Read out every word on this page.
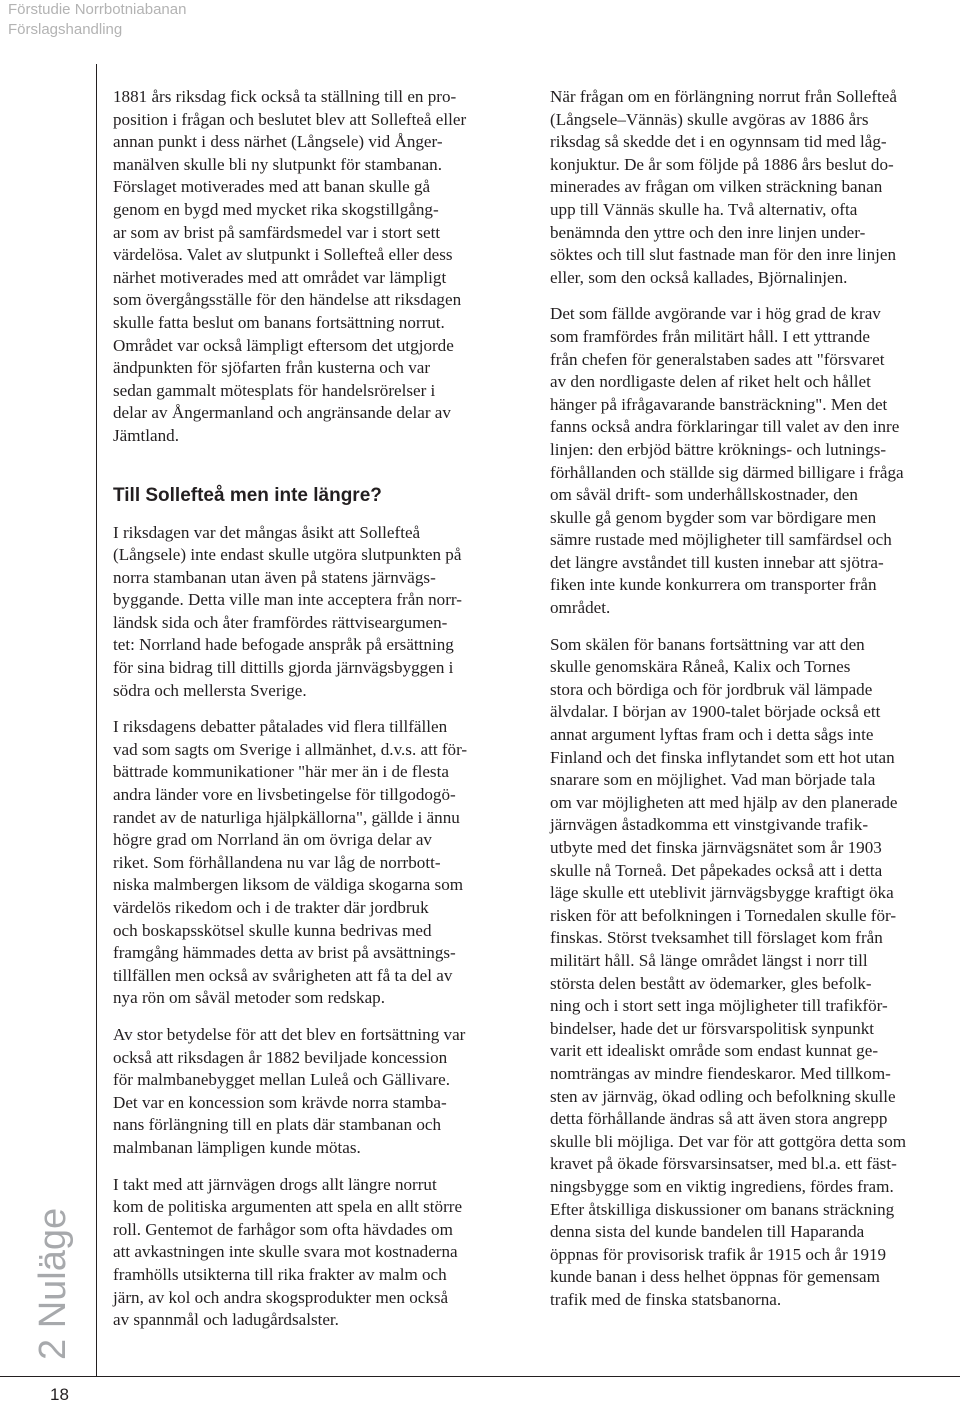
Förstudie Norrbotniabanan
Förslagshandling
2 Nuläge
18

1881 års riksdag fick också ta ställning till en pro-
position i frågan och beslutet blev att Sollefteå eller
annan punkt i dess närhet (Långsele) vid Ånger-
manälven skulle bli ny slutpunkt för stambanan.
Förslaget motiverades med att banan skulle gå
genom en bygd med mycket rika skogstillgång-
ar som av brist på samfärdsmedel var i stort sett
värdelösa. Valet av slutpunkt i Sollefteå eller dess
närhet motiverades med att området var lämpligt
som övergångsställe för den händelse att riksdagen
skulle fatta beslut om banans fortsättning norrut.
Området var också lämpligt eftersom det utgjorde
ändpunkten för sjöfarten från kusterna och var
sedan gammalt mötesplats för handelsrörelser i
delar av Ångermanland och angränsande delar av
Jämtland.

Till Sollefteå men inte längre?

I riksdagen var det mångas åsikt att Sollefteå
(Långsele) inte endast skulle utgöra slutpunkten på
norra stambanan utan även på statens järnvägs-
byggande. Detta ville man inte acceptera från norr-
ländsk sida och åter framfördes rättviseargumen-
tet: Norrland hade befogade anspråk på ersättning
för sina bidrag till dittills gjorda järnvägsbyggen i
södra och mellersta Sverige.

I riksdagens debatter påtalades vid flera tillfällen
vad som sagts om Sverige i allmänhet, d.v.s. att för-
bättrade kommunikationer "här mer än i de flesta
andra länder vore en livsbetingelse för tillgodogö-
randet av de naturliga hjälpkällorna", gällde i ännu
högre grad om Norrland än om övriga delar av
riket. Som förhållandena nu var låg de norrbott-
niska malmbergen liksom de väldiga skogarna som
värdelös rikedom och i de trakter där jordbruk
och boskapsskötsel skulle kunna bedrivas med
framgång hämmades detta av brist på avsättnings-
tillfällen men också av svårigheten att få ta del av
nya rön om såväl metoder som redskap.

Av stor betydelse för att det blev en fortsättning var
också att riksdagen år 1882 beviljade koncession
för malmbanebygget mellan Luleå och Gällivare.
Det var en koncession som krävde norra stamba-
nans förlängning till en plats där stambanan och
malmbanan lämpligen kunde mötas.

I takt med att järnvägen drogs allt längre norrut
kom de politiska argumenten att spela en allt större
roll. Gentemot de farhågor som ofta hävdades om
att avkastningen inte skulle svara mot kostnaderna
framhölls utsikterna till rika frakter av malm och
järn, av kol och andra skogsprodukter men också
av spannmål och ladugårdsalster.

När frågan om en förlängning norrut från Sollefteå
(Långsele–Vännäs) skulle avgöras av 1886 års
riksdag så skedde det i en ogynnsam tid med låg-
konjuktur. De år som följde på 1886 års beslut do-
minerades av frågan om vilken sträckning banan
upp till Vännäs skulle ha. Två alternativ, ofta
benämnda den yttre och den inre linjen under-
söktes och till slut fastnade man för den inre linjen
eller, som den också kallades, Björnalinjen.

Det som fällde avgörande var i hög grad de krav
som framfördes från militärt håll. I ett yttrande
från chefen för generalstaben sades att "försvaret
av den nordligaste delen af riket helt och hållet
hänger på ifrågavarande bansträckning". Men det
fanns också andra förklaringar till valet av den inre
linjen: den erbjöd bättre kröknings- och lutnings-
förhållanden och ställde sig därmed billigare i fråga
om såväl drift- som underhållskostnader, den
skulle gå genom bygder som var bördigare men
sämre rustade med möjligheter till samfärdsel och
det längre avståndet till kusten innebar att sjötra-
fiken inte kunde konkurrera om transporter från
området.

Som skälen för banans fortsättning var att den
skulle genomskära Råneå, Kalix och Tornes
stora och bördiga och för jordbruk väl lämpade
älvdalar. I början av 1900-talet började också ett
annat argument lyftas fram och i detta sågs inte
Finland och det finska inflytandet som ett hot utan
snarare som en möjlighet. Vad man började tala
om var möjligheten att med hjälp av den planerade
järnvägen åstadkomma ett vinstgivande trafik-
utbyte med det finska järnvägsnätet som år 1903
skulle nå Torneå. Det påpekades också att i detta
läge skulle ett uteblivit järnvägsbygge kraftigt öka
risken för att befolkningen i Tornedalen skulle för-
finskas. Störst tveksamhet till förslaget kom från
militärt håll. Så länge området längst i norr till
största delen bestått av ödemarker, gles befolk-
ning och i stort sett inga möjligheter till trafikför-
bindelser, hade det ur försvarspolitisk synpunkt
varit ett idealiskt område som endast kunnat ge-
nomträngas av mindre fiendeskaror. Med tillkom-
sten av järnväg, ökad odling och befolkning skulle
detta förhållande ändras så att även stora angrepp
skulle bli möjliga. Det var för att gottgöra detta som
kravet på ökade försvarsinsatser, med bl.a. ett fäst-
ningsbygge som en viktig ingrediens, fördes fram.
Efter åtskilliga diskussioner om banans sträckning
denna sista del kunde bandelen till Haparanda
öppnas för provisorisk trafik år 1915 och år 1919
kunde banan i dess helhet öppnas för gemensam
trafik med de finska statsbanorna.
